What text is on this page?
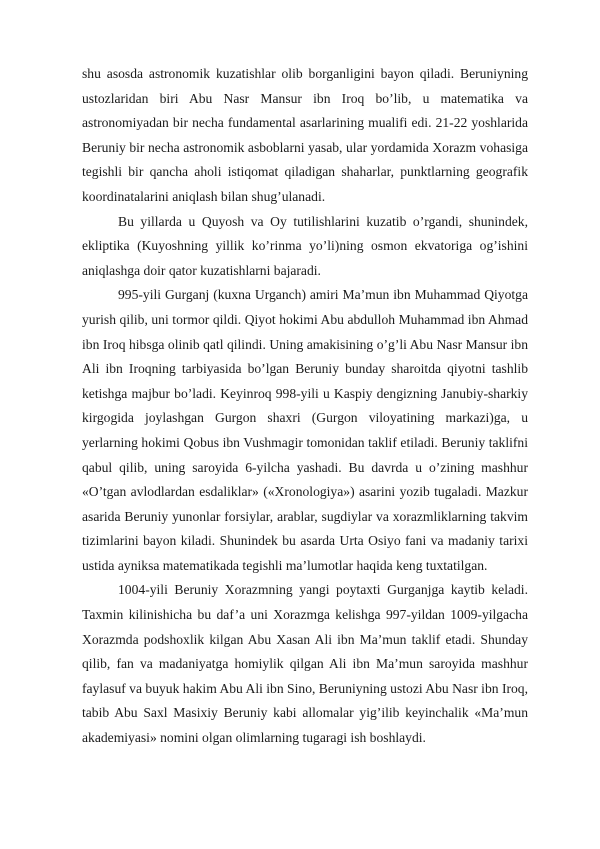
shu asosda astronomik kuzatishlar olib borganligini bayon qiladi. Beruniyning ustozlaridan biri Abu Nasr Mansur ibn Iroq bo’lib, u matematika va astronomiyadan bir necha fundamental asarlarining mualifi edi. 21-22 yoshlarida Beruniy bir necha astronomik asboblarni yasab, ular yordamida Xorazm vohasiga tegishli bir qancha aholi istiqomat qiladigan shaharlar, punktlarning geografik koordinatalarini aniqlash bilan shug’ulanadi.

Bu yillarda u Quyosh va Oy tutilishlarini kuzatib o’rgandi, shunindek, ekliptika (Kuyoshning yillik ko’rinma yo’li)ning osmon ekvatoriga og’ishini aniqlashga doir qator kuzatishlarni bajaradi.

995-yili Gurganj (kuxna Urganch) amiri Ma’mun ibn Muhammad Qiyotga yurish qilib, uni tormor qildi. Qiyot hokimi Abu abdulloh Muhammad ibn Ahmad ibn Iroq hibsga olinib qatl qilindi. Uning amakisining o’g’li Abu Nasr Mansur ibn Ali ibn Iroqning tarbiyasida bo’lgan Beruniy bunday sharoitda qiyotni tashlib ketishga majbur bo’ladi. Keyinroq 998-yili u Kaspiy dengizning Janubiy-sharkiy kirgogida joylashgan Gurgon shaxri (Gurgon viloyatining markazi)ga, u yerlarning hokimi Qobus ibn Vushmagir tomonidan taklif etiladi. Beruniy taklifni qabul qilib, uning saroyida 6-yilcha yashadi. Bu davrda u o’zining mashhur «O’tgan avlodlardan esdaliklar» («Xronologiya») asarini yozib tugaladi. Mazkur asarida Beruniy yunonlar forsiylar, arablar, sugdiylar va xorazmliklarning takvim tizimlarini bayon kiladi. Shunindek bu asarda Urta Osiyo fani va madaniy tarixi ustida ayniksa matematikada tegishli ma’lumotlar haqida keng tuxtatilgan.

1004-yili Beruniy Xorazmning yangi poytaxti Gurganjga kaytib keladi. Taxmin kilinishicha bu daf’a uni Xorazmga kelishga 997-yildan 1009-yilgacha Xorazmda podshoxlik kilgan Abu Xasan Ali ibn Ma’mun taklif etadi. Shunday qilib, fan va madaniyatga homiylik qilgan Ali ibn Ma’mun saroyida mashhur faylasuf va buyuk hakim Abu Ali ibn Sino, Beruniyning ustozi Abu Nasr ibn Iroq, tabib Abu Saxl Masixiy Beruniy kabi allomalar yig’ilib keyinchalik «Ma’mun akademiyasi» nomini olgan olimlarning tugaragi ish boshlaydi.
